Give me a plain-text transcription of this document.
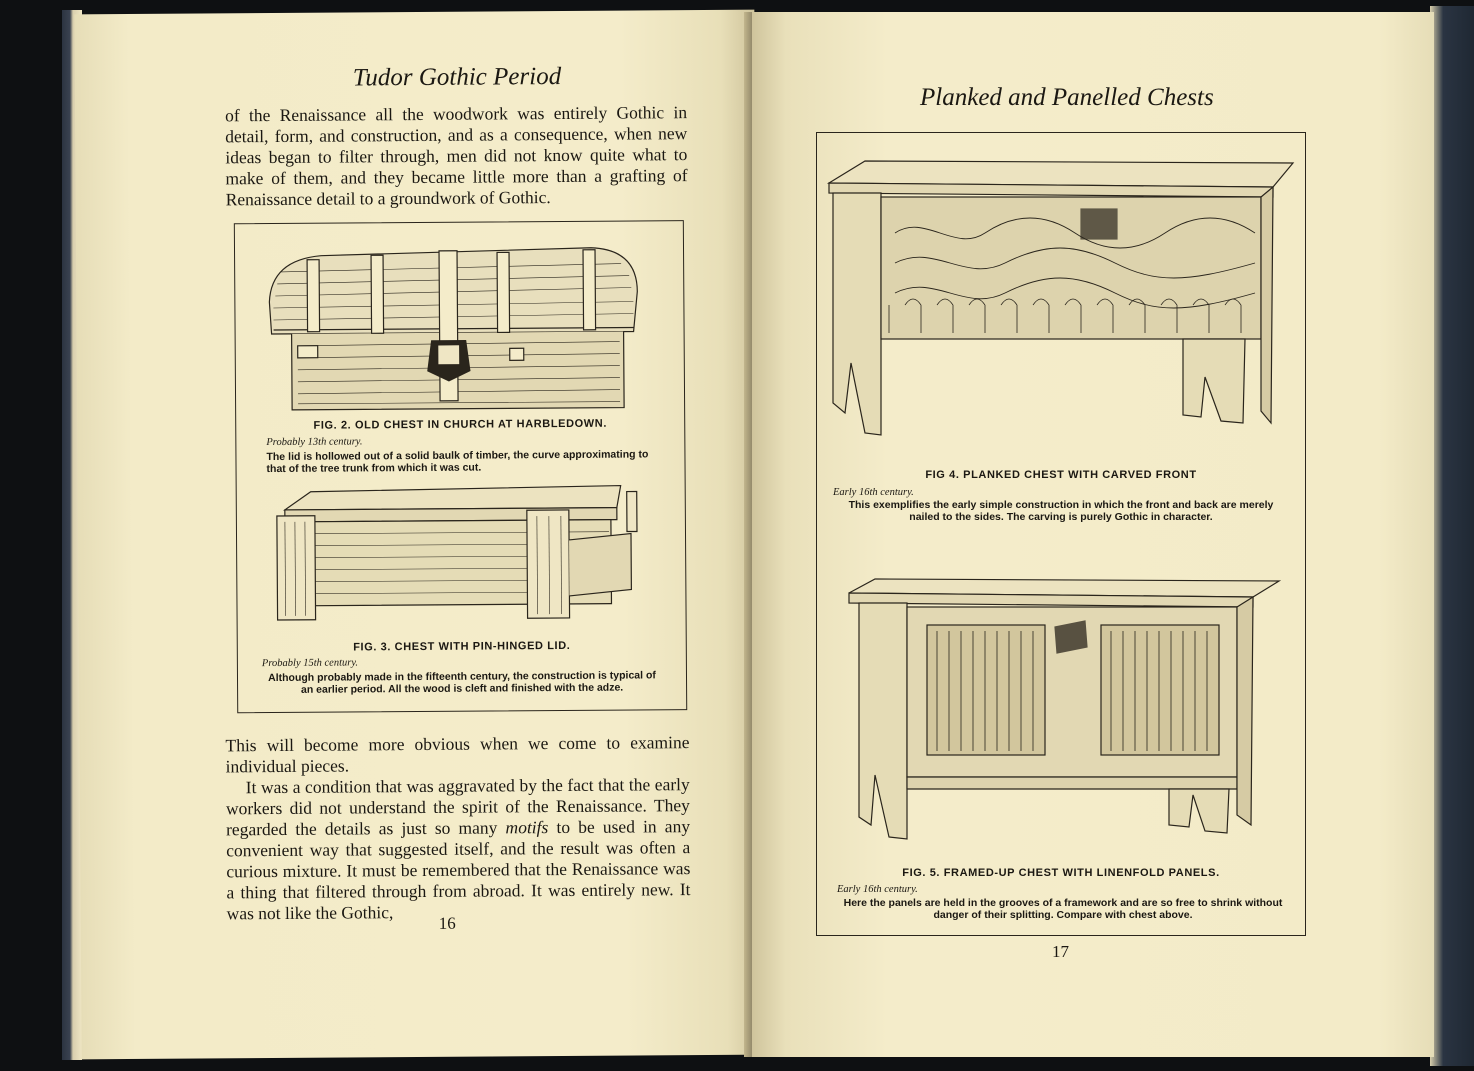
Tudor Gothic Period

of the Renaissance all the woodwork was entirely Gothic in detail, form, and construction, and as a consequence, when new ideas began to filter through, men did not know quite what to make of them, and they became little more than a grafting of Renaissance detail to a groundwork of Gothic.

FIG. 2. OLD CHEST IN CHURCH AT HARBLEDOWN.
Probably 13th century.
The lid is hollowed out of a solid baulk of timber, the curve approximating to that of the tree trunk from which it was cut.
FIG. 3. CHEST WITH PIN-HINGED LID.
Probably 15th century.
Although probably made in the fifteenth century, the construction is typical of an earlier period. All the wood is cleft and finished with the adze.

This will become more obvious when we come to examine individual pieces.

It was a condition that was aggravated by the fact that the early workers did not understand the spirit of the Renaissance. They regarded the details as just so many motifs to be used in any convenient way that suggested itself, and the result was often a curious mixture. It must be remembered that the Renaissance was a thing that filtered through from abroad. It was entirely new. It was not like the Gothic,	16
Planked and Panelled Chests
FIG 4. PLANKED CHEST WITH CARVED FRONT
Early 16th century.
This exemplifies the early simple construction in which the front and back are merely nailed to the sides. The carving is purely Gothic in character.
FIG. 5. FRAMED-UP CHEST WITH LINENFOLD PANELS.
Early 16th century.
Here the panels are held in the grooves of a framework and are so free to shrink without danger of their splitting. Compare with chest above.
17
